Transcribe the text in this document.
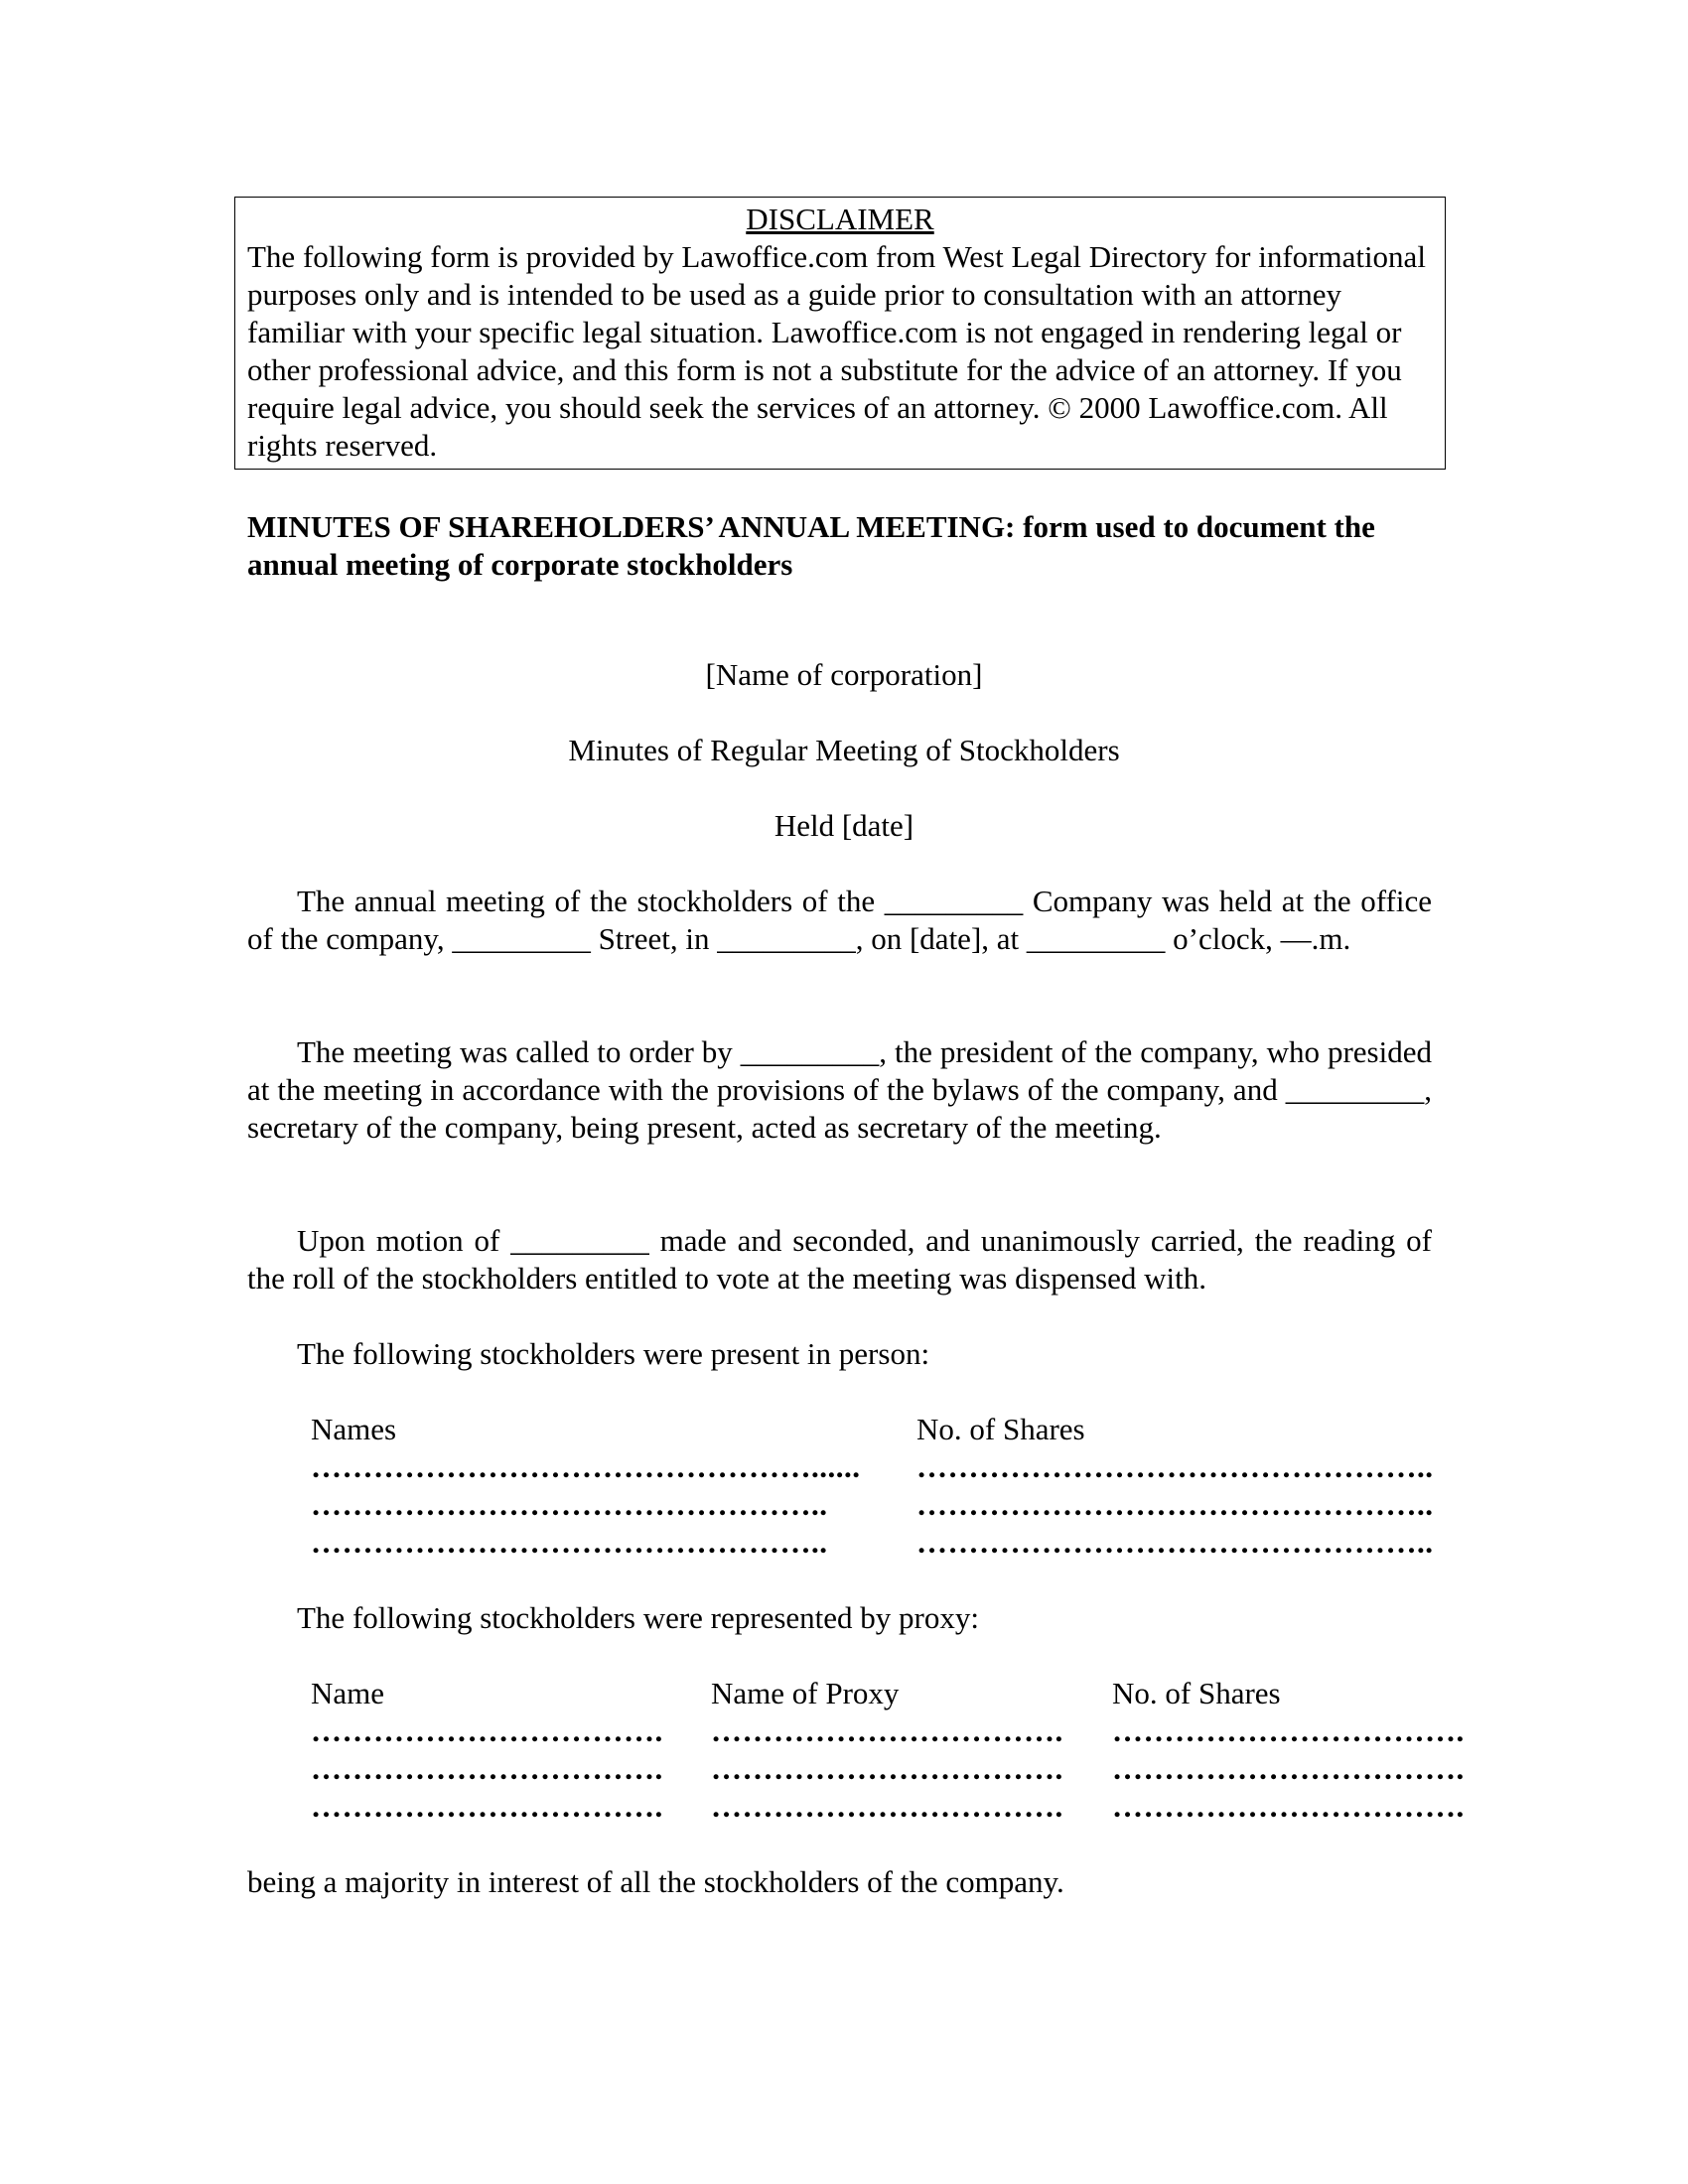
DISCLAIMER

The following form is provided by Lawoffice.com from West Legal Directory for informational purposes only and is intended to be used as a guide prior to consultation with an attorney familiar with your specific legal situation. Lawoffice.com is not engaged in rendering legal or other professional advice, and this form is not a substitute for the advice of an attorney. If you require legal advice, you should seek the services of an attorney. © 2000 Lawoffice.com. All rights reserved.

MINUTES OF SHAREHOLDERS’ ANNUAL MEETING: form used to document the annual meeting of corporate stockholders

[Name of corporation]

Minutes of Regular Meeting of Stockholders

Held [date]

The annual meeting of the stockholders of the _________ Company was held at the office of the company, _________ Street, in _________, on [date], at _________ o’clock, —.m.

The meeting was called to order by _________, the president of the company, who presided at the meeting in accordance with the provisions of the bylaws of the company, and _________, secretary of the company, being present, acted as secretary of the meeting.

Upon motion of _________ made and seconded, and unanimously carried, the reading of the roll of the stockholders entitled to vote at the meeting was dispensed with.

The following stockholders were present in person:

Names	No. of Shares
…………………………………………......	…………………………………………..
…………………………………………..	…………………………………………..
…………………………………………..	…………………………………………..

The following stockholders were represented by proxy:

Name	Name of Proxy	No. of Shares
…………………………….	…………………………….	…………………………….
…………………………….	…………………………….	…………………………….
…………………………….	…………………………….	…………………………….

being a majority in interest of all the stockholders of the company.
